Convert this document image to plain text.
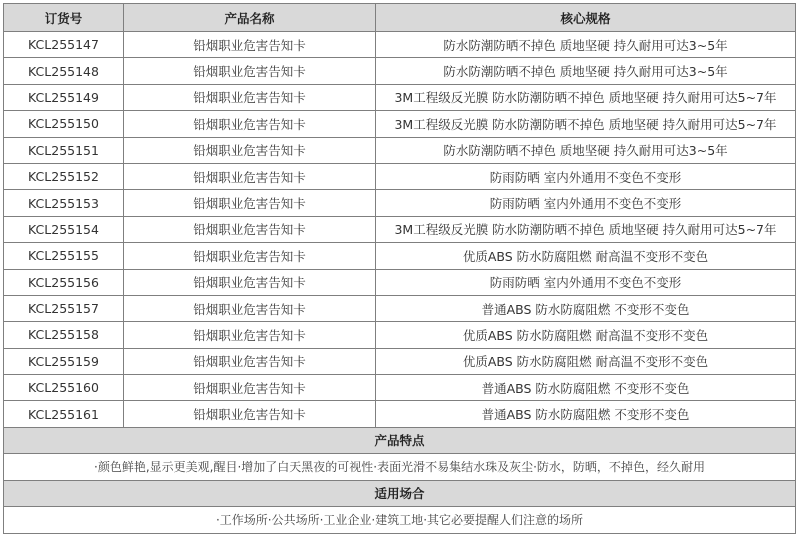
订货号	产品名称	核心规格
KCL255147	铅烟职业危害告知卡	防水防潮防晒不掉色 质地坚硬 持久耐用可达3~5年
KCL255148	铅烟职业危害告知卡	防水防潮防晒不掉色 质地坚硬 持久耐用可达3~5年
KCL255149	铅烟职业危害告知卡	3M工程级反光膜 防水防潮防晒不掉色 质地坚硬 持久耐用可达5~7年
KCL255150	铅烟职业危害告知卡	3M工程级反光膜 防水防潮防晒不掉色 质地坚硬 持久耐用可达5~7年
KCL255151	铅烟职业危害告知卡	防水防潮防晒不掉色 质地坚硬 持久耐用可达3~5年
KCL255152	铅烟职业危害告知卡	防雨防晒 室内外通用不变色不变形
KCL255153	铅烟职业危害告知卡	防雨防晒 室内外通用不变色不变形
KCL255154	铅烟职业危害告知卡	3M工程级反光膜 防水防潮防晒不掉色 质地坚硬 持久耐用可达5~7年
KCL255155	铅烟职业危害告知卡	优质ABS 防水防腐阻燃 耐高温不变形不变色
KCL255156	铅烟职业危害告知卡	防雨防晒 室内外通用不变色不变形
KCL255157	铅烟职业危害告知卡	普通ABS 防水防腐阻燃 不变形不变色
KCL255158	铅烟职业危害告知卡	优质ABS 防水防腐阻燃 耐高温不变形不变色
KCL255159	铅烟职业危害告知卡	优质ABS 防水防腐阻燃 耐高温不变形不变色
KCL255160	铅烟职业危害告知卡	普通ABS 防水防腐阻燃 不变形不变色
KCL255161	铅烟职业危害告知卡	普通ABS 防水防腐阻燃 不变形不变色
产品特点		
·颜色鲜艳,显示更美观,醒目·增加了白天黑夜的可视性·表面光滑不易集结水珠及灰尘·防水，防晒，不掉色，经久耐用		
适用场合		
·工作场所·公共场所·工业企业·建筑工地·其它必要提醒人们注意的场所		
